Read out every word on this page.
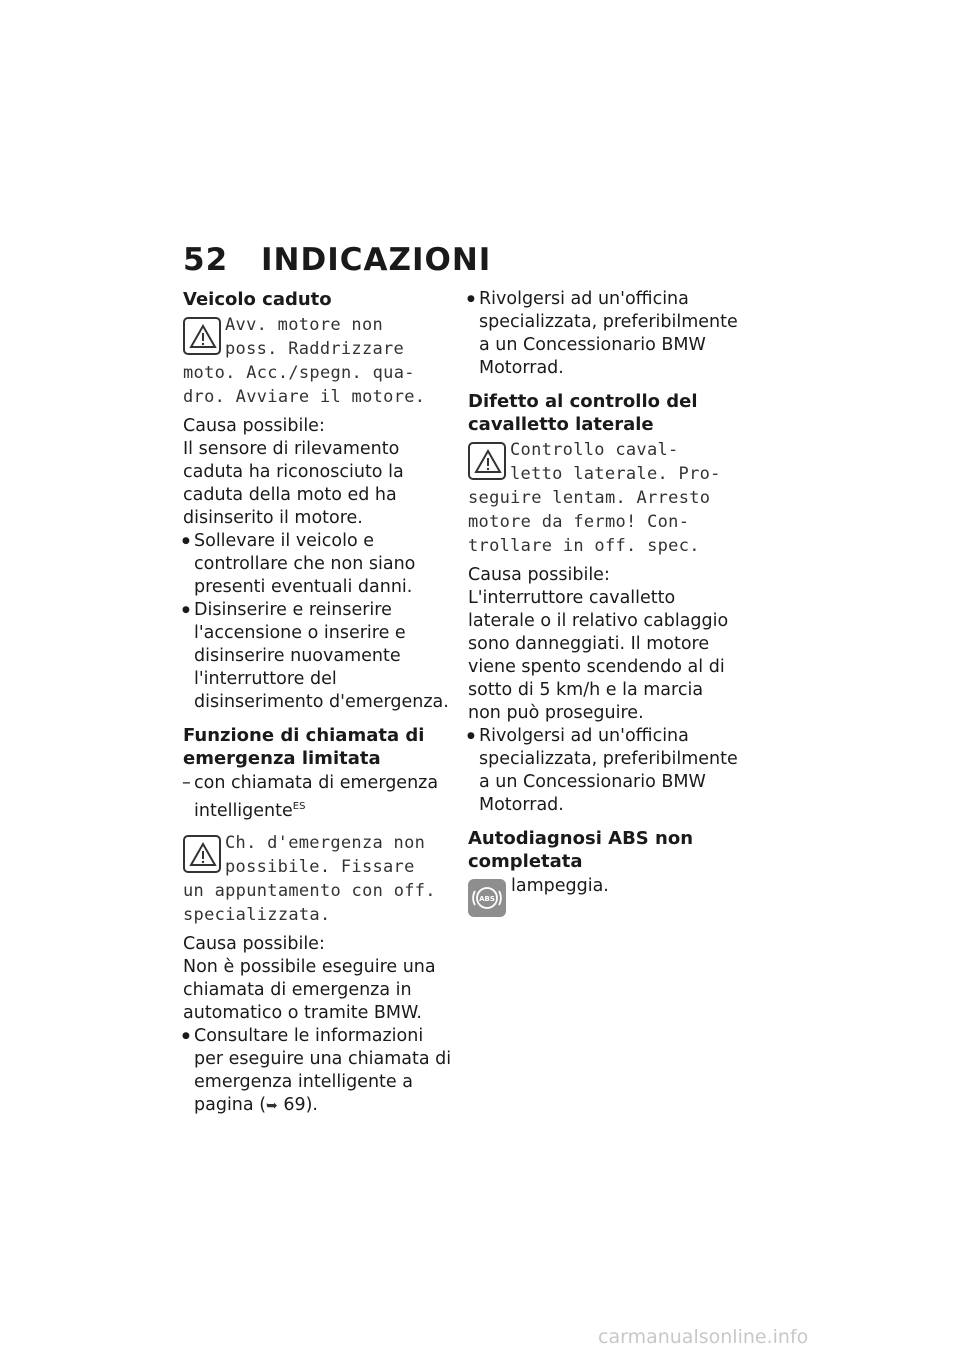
52 INDICAZIONI
Veicolo caduto
Avv. motore non
poss. Raddrizzare
moto. Acc./spegn. qua-
dro. Avviare il motore.
Causa possibile:
Il sensore di rilevamento caduta ha riconosciuto la caduta della moto ed ha disinserito il motore.
● Sollevare il veicolo e controllare che non siano presenti eventuali danni.
● Disinserire e reinserire l'accensione o inserire e disinserire nuovamente l'interruttore del disinserimento d'emergenza.
Funzione di chiamata di emergenza limitata
– con chiamata di emergenza intelligente$^{ES}$
Ch. d'emergenza non
possibile. Fissare
un appuntamento con off.
specializzata.
Causa possibile:
Non è possibile eseguire una chiamata di emergenza in automatico o tramite BMW.
● Consultare le informazioni per eseguire una chiamata di emergenza intelligente a pagina (➥ 69).
● Rivolgersi ad un'officina specializzata, preferibilmente a un Concessionario BMW Motorrad.
Difetto al controllo del cavalletto laterale
Controllo caval-
letto laterale. Pro-
seguire lentam. Arresto
motore da fermo! Con-
trollare in off. spec.
Causa possibile:
L'interruttore cavalletto laterale o il relativo cablaggio sono danneggiati. Il motore viene spento scendendo al di sotto di 5 km/h e la marcia non può proseguire.
● Rivolgersi ad un'officina specializzata, preferibilmente a un Concessionario BMW Motorrad.
Autodiagnosi ABS non completata
ABS
lampeggia.
carmanualsonline.info
